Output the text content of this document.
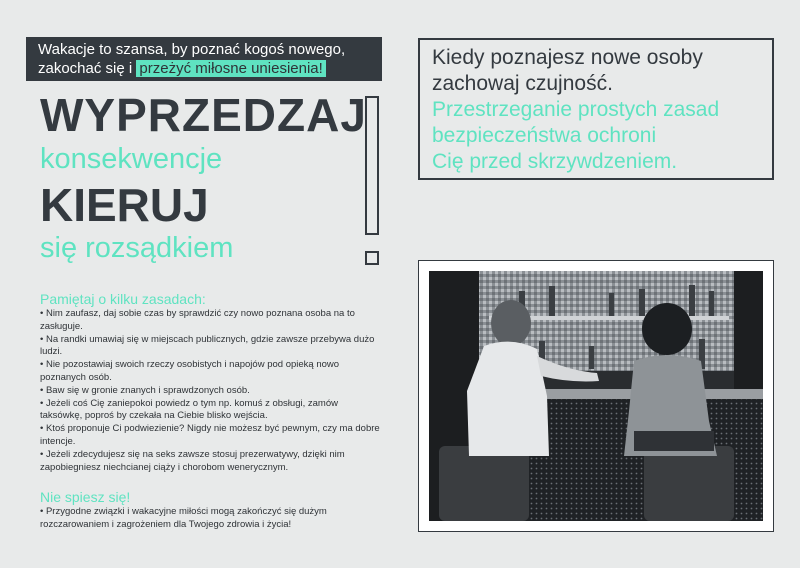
Wakacje to szansa, by poznać kogoś nowego,
zakochać się i przeżyć miłosne uniesienia!
WYPRZEDZAJ
konsekwencje
KIERUJ
się rozsądkiem
Kiedy poznajesz nowe osoby
zachowaj czujność.
Przestrzeganie prostych zasad
bezpieczeństwa ochroni
Cię przed skrzywdzeniem.
Pamiętaj o kilku zasadach:

• Nim zaufasz, daj sobie czas by sprawdzić czy nowo poznana osoba na to zasługuje.

• Na randki umawiaj się w miejscach publicznych, gdzie zawsze przebywa dużo ludzi.

• Nie pozostawiaj swoich rzeczy osobistych i napojów pod opieką nowo poznanych osób.

• Baw się w gronie znanych i sprawdzonych osób.

• Jeżeli coś Cię zaniepokoi powiedz o tym np. komuś z obsługi, zamów taksówkę, poproś by czekała na Ciebie blisko wejścia.

• Ktoś proponuje Ci podwiezienie? Nigdy nie możesz być pewnym, czy ma dobre intencje.

• Jeżeli zdecydujesz się na seks zawsze stosuj prezerwatywy, dzięki nim zapobiegniesz niechcianej ciąży i chorobom wenerycznym.

Nie spiesz się!
• Przygodne związki i wakacyjne miłości mogą zakończyć się dużym rozczarowaniem i zagrożeniem dla Twojego zdrowia i życia!
